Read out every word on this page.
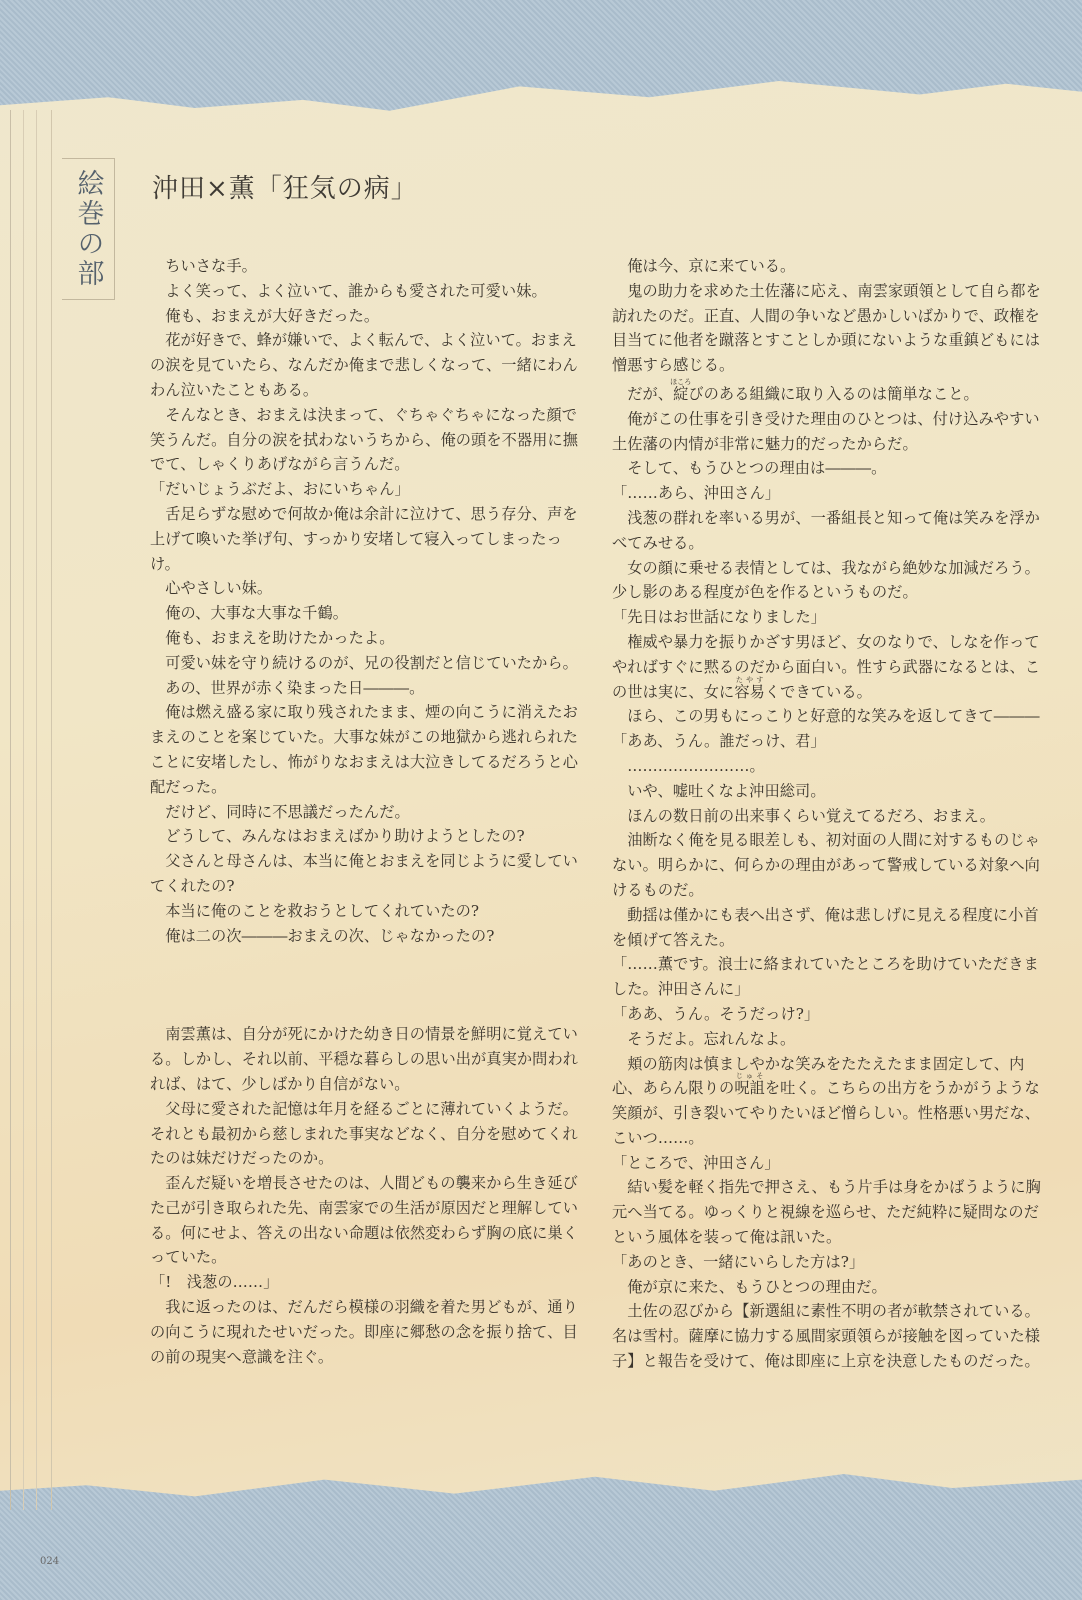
絵巻の部	沖田×薫「狂気の病」

ちいさな手。

よく笑って、よく泣いて、誰からも愛された可愛い妹。

俺も、おまえが大好きだった。

花が好きで、蜂が嫌いで、よく転んで、よく泣いて。おまえの涙を見ていたら、なんだか俺まで悲しくなって、一緒にわんわん泣いたこともある。

そんなとき、おまえは決まって、ぐちゃぐちゃになった顔で笑うんだ。自分の涙を拭わないうちから、俺の頭を不器用に撫でて、しゃくりあげながら言うんだ。

「だいじょうぶだよ、おにいちゃん」

舌足らずな慰めで何故か俺は余計に泣けて、思う存分、声を上げて喚いた挙げ句、すっかり安堵して寝入ってしまったっけ。

心やさしい妹。

俺の、大事な大事な千鶴。

俺も、おまえを助けたかったよ。

可愛い妹を守り続けるのが、兄の役割だと信じていたから。

あの、世界が赤く染まった日―――。

俺は燃え盛る家に取り残されたまま、煙の向こうに消えたおまえのことを案じていた。大事な妹がこの地獄から逃れられたことに安堵したし、怖がりなおまえは大泣きしてるだろうと心配だった。

だけど、同時に不思議だったんだ。

どうして、みんなはおまえばかり助けようとしたの?

父さんと母さんは、本当に俺とおまえを同じように愛していてくれたの?

本当に俺のことを救おうとしてくれていたの?

俺は二の次―――おまえの次、じゃなかったの?

南雲薫は、自分が死にかけた幼き日の情景を鮮明に覚えている。しかし、それ以前、平穏な暮らしの思い出が真実か問われれば、はて、少しばかり自信がない。

父母に愛された記憶は年月を経るごとに薄れていくようだ。それとも最初から慈しまれた事実などなく、自分を慰めてくれたのは妹だけだったのか。

歪んだ疑いを増長させたのは、人間どもの襲来から生き延びた己が引き取られた先、南雲家での生活が原因だと理解している。何にせよ、答えの出ない命題は依然変わらず胸の底に巣くっていた。

「!　浅葱の……」

我に返ったのは、だんだら模様の羽織を着た男どもが、通りの向こうに現れたせいだった。即座に郷愁の念を振り捨て、目の前の現実へ意識を注ぐ。

俺は今、京に来ている。

鬼の助力を求めた土佐藩に応え、南雲家頭領として自ら都を訪れたのだ。正直、人間の争いなど愚かしいばかりで、政権を目当てに他者を蹴落とすことしか頭にないような重鎮どもには憎悪すら感じる。

だが、綻ほころびのある組織に取り入るのは簡単なこと。

俺がこの仕事を引き受けた理由のひとつは、付け込みやすい土佐藩の内情が非常に魅力的だったからだ。

そして、もうひとつの理由は―――。

「……あら、沖田さん」

浅葱の群れを率いる男が、一番組長と知って俺は笑みを浮かべてみせる。

女の顔に乗せる表情としては、我ながら絶妙な加減だろう。少し影のある程度が色を作るというものだ。

「先日はお世話になりました」

権威や暴力を振りかざす男ほど、女のなりで、しなを作ってやればすぐに黙るのだから面白い。性すら武器になるとは、この世は実に、女に容易たやすくできている。

ほら、この男もにっこりと好意的な笑みを返してきて―――

「ああ、うん。誰だっけ、君」

……………………。

いや、嘘吐くなよ沖田総司。

ほんの数日前の出来事くらい覚えてるだろ、おまえ。

油断なく俺を見る眼差しも、初対面の人間に対するものじゃない。明らかに、何らかの理由があって警戒している対象へ向けるものだ。

動揺は僅かにも表へ出さず、俺は悲しげに見える程度に小首を傾げて答えた。

「……薫です。浪士に絡まれていたところを助けていただきました。沖田さんに」

「ああ、うん。そうだっけ?」

そうだよ。忘れんなよ。

頬の筋肉は慎ましやかな笑みをたたえたまま固定して、内心、あらん限りの呪詛じゅそを吐く。こちらの出方をうかがうような笑顔が、引き裂いてやりたいほど憎らしい。性格悪い男だな、こいつ……。

「ところで、沖田さん」

結い髪を軽く指先で押さえ、もう片手は身をかばうように胸元へ当てる。ゆっくりと視線を巡らせ、ただ純粋に疑問なのだという風体を装って俺は訊いた。

「あのとき、一緒にいらした方は?」

俺が京に来た、もうひとつの理由だ。

土佐の忍びから【新選組に素性不明の者が軟禁されている。名は雪村。薩摩に協力する風間家頭領らが接触を図っていた様子】と報告を受けて、俺は即座に上京を決意したものだった。

024
